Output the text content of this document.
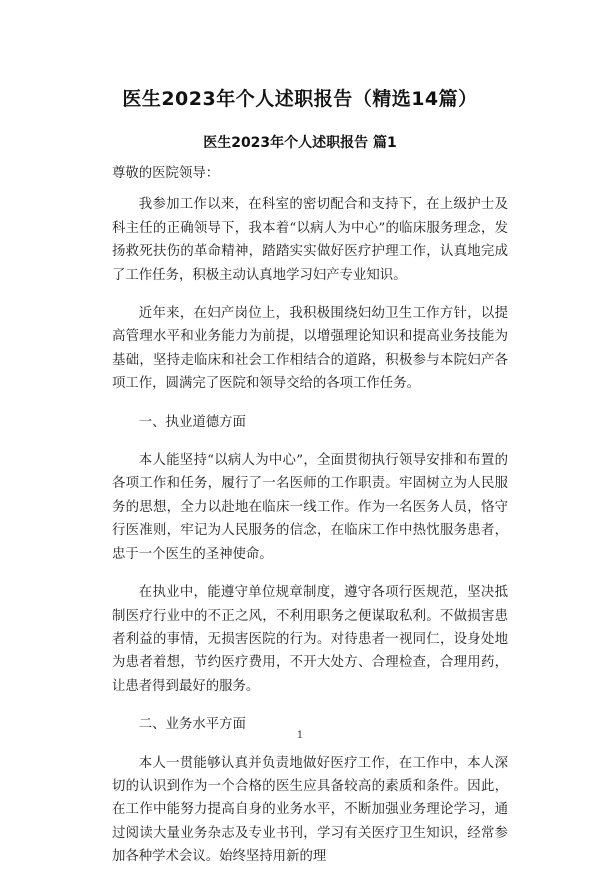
医生2023年个人述职报告（精选14篇）
医生2023年个人述职报告 篇1

尊敬的医院领导：

我参加工作以来，在科室的密切配合和支持下，在上级护士及科主任的正确领导下，我本着“以病人为中心”的临床服务理念，发扬救死扶伤的革命精神，踏踏实实做好医疗护理工作，认真地完成了工作任务，积极主动认真地学习妇产专业知识。

近年来，在妇产岗位上，我积极围绕妇幼卫生工作方针，以提高管理水平和业务能力为前提，以增强理论知识和提高业务技能为基础，坚持走临床和社会工作相结合的道路，积极参与本院妇产各项工作，圆满完了医院和领导交给的各项工作任务。

一、执业道德方面

本人能坚持“以病人为中心”，全面贯彻执行领导安排和布置的各项工作和任务，履行了一名医师的工作职责。牢固树立为人民服务的思想，全力以赴地在临床一线工作。作为一名医务人员，恪守行医准则，牢记为人民服务的信念，在临床工作中热忱服务患者，忠于一个医生的圣神使命。

在执业中，能遵守单位规章制度，遵守各项行医规范，坚决抵制医疗行业中的不正之风，不利用职务之便谋取私利。不做损害患者利益的事情，无损害医院的行为。对待患者一视同仁，设身处地为患者着想，节约医疗费用，不开大处方、合理检查，合理用药，让患者得到最好的服务。

二、业务水平方面

本人一贯能够认真并负责地做好医疗工作，在工作中，本人深切的认识到作为一个合格的医生应具备较高的素质和条件。因此，在工作中能努力提高自身的业务水平，不断加强业务理论学习，通过阅读大量业务杂志及专业书刊，学习有关医疗卫生知识，经常参加各种学术会议。始终坚持用新的理

1
